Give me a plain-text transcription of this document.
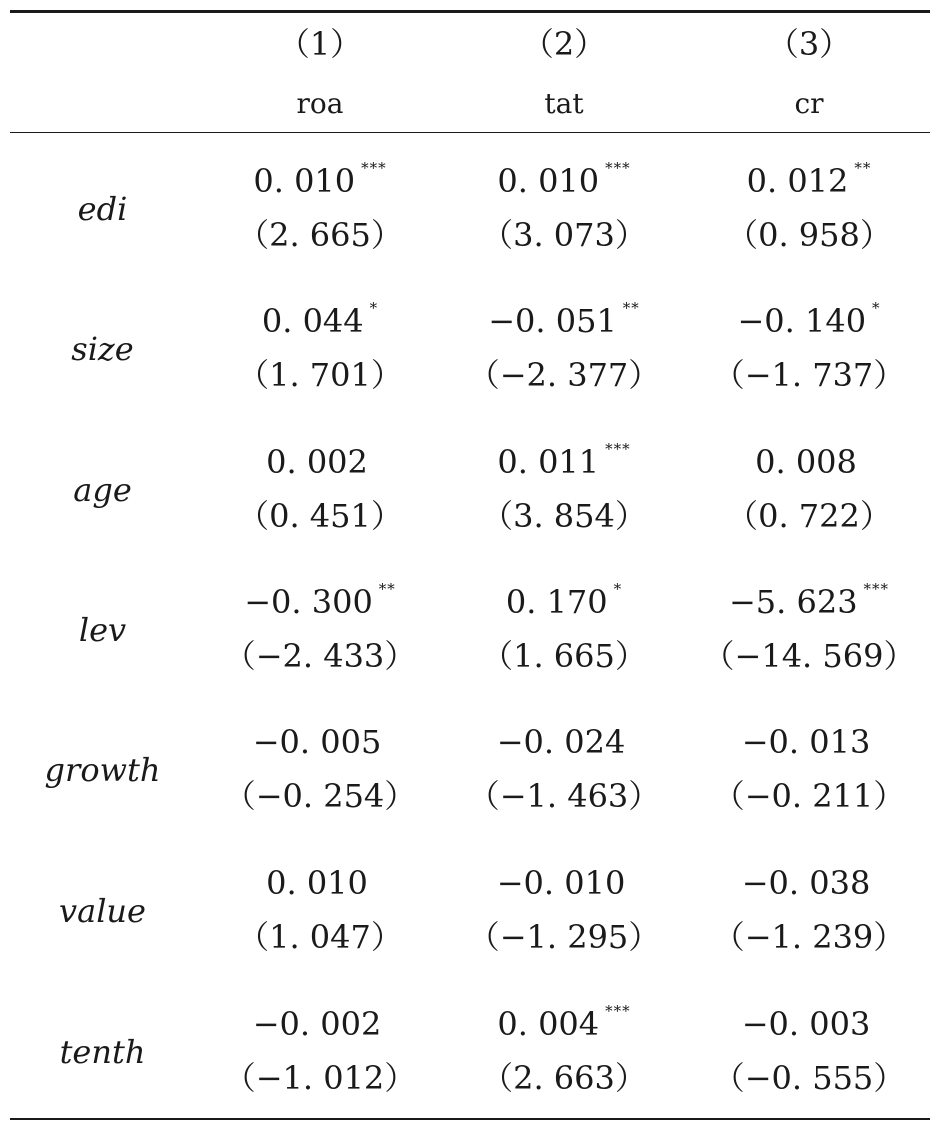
（1）	（2）	（3）
roa	tat	cr
edi
0. 010 ***	0. 010 ***	0. 012 **
（2. 665）	（3. 073）	（0. 958）
size
0. 044 *	−0. 051 **	−0. 140 *
（1. 701）	（−2. 377）	（−1. 737）
age
0. 002	0. 011 ***	0. 008
（0. 451）	（3. 854）	（0. 722）
lev
−0. 300 **	0. 170 *	−5. 623 ***
（−2. 433）	（1. 665）	（−14. 569）
growth
−0. 005	−0. 024	−0. 013
（−0. 254）	（−1. 463）	（−0. 211）
value
0. 010	−0. 010	−0. 038
（1. 047）	（−1. 295）	（−1. 239）
tenth
−0. 002	0. 004 ***	−0. 003
（−1. 012）	（2. 663）	（−0. 555）
